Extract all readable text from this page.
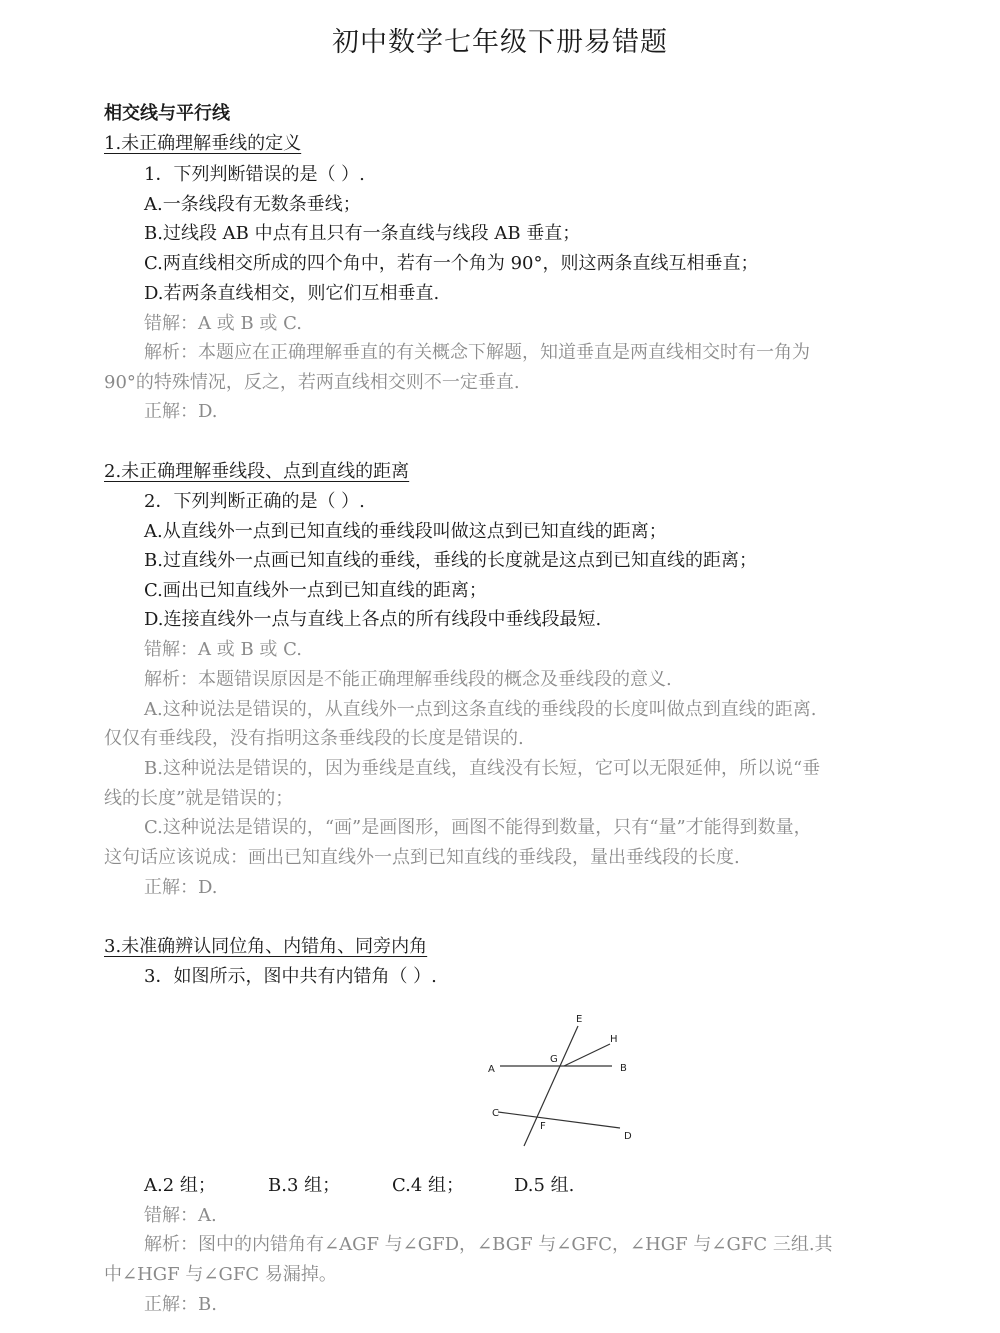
初中数学七年级下册易错题
相交线与平行线
1.未正确理解垂线的定义
1．下列判断错误的是（ ）.
A.一条线段有无数条垂线；
B.过线段 AB 中点有且只有一条直线与线段 AB 垂直；
C.两直线相交所成的四个角中，若有一个角为 90°，则这两条直线互相垂直；
D.若两条直线相交，则它们互相垂直.
错解：A 或 B 或 C.
解析：本题应在正确理解垂直的有关概念下解题，知道垂直是两直线相交时有一角为
90°的特殊情况，反之，若两直线相交则不一定垂直.
正解：D.
2.未正确理解垂线段、点到直线的距离
2．下列判断正确的是（ ）.
A.从直线外一点到已知直线的垂线段叫做这点到已知直线的距离；
B.过直线外一点画已知直线的垂线，垂线的长度就是这点到已知直线的距离；
C.画出已知直线外一点到已知直线的距离；
D.连接直线外一点与直线上各点的所有线段中垂线段最短.
错解：A 或 B 或 C.
解析：本题错误原因是不能正确理解垂线段的概念及垂线段的意义.
A.这种说法是错误的，从直线外一点到这条直线的垂线段的长度叫做点到直线的距离.
仅仅有垂线段，没有指明这条垂线段的长度是错误的.
B.这种说法是错误的，因为垂线是直线，直线没有长短，它可以无限延伸，所以说“垂
线的长度”就是错误的；
C.这种说法是错误的，“画”是画图形，画图不能得到数量，只有“量”才能得到数量，
这句话应该说成：画出已知直线外一点到已知直线的垂线段，量出垂线段的长度.
正解：D.
3.未准确辨认同位角、内错角、同旁内角
3．如图所示，图中共有内错角（ ）.
A	B
C
D
E
F
G
H
A.2 组；	B.3 组；	C.4 组；	D.5 组.
错解：A.
解析：图中的内错角有∠AGF 与∠GFD，∠BGF 与∠GFC，∠HGF 与∠GFC 三组.其
中∠HGF 与∠GFC 易漏掉。
正解：B.
